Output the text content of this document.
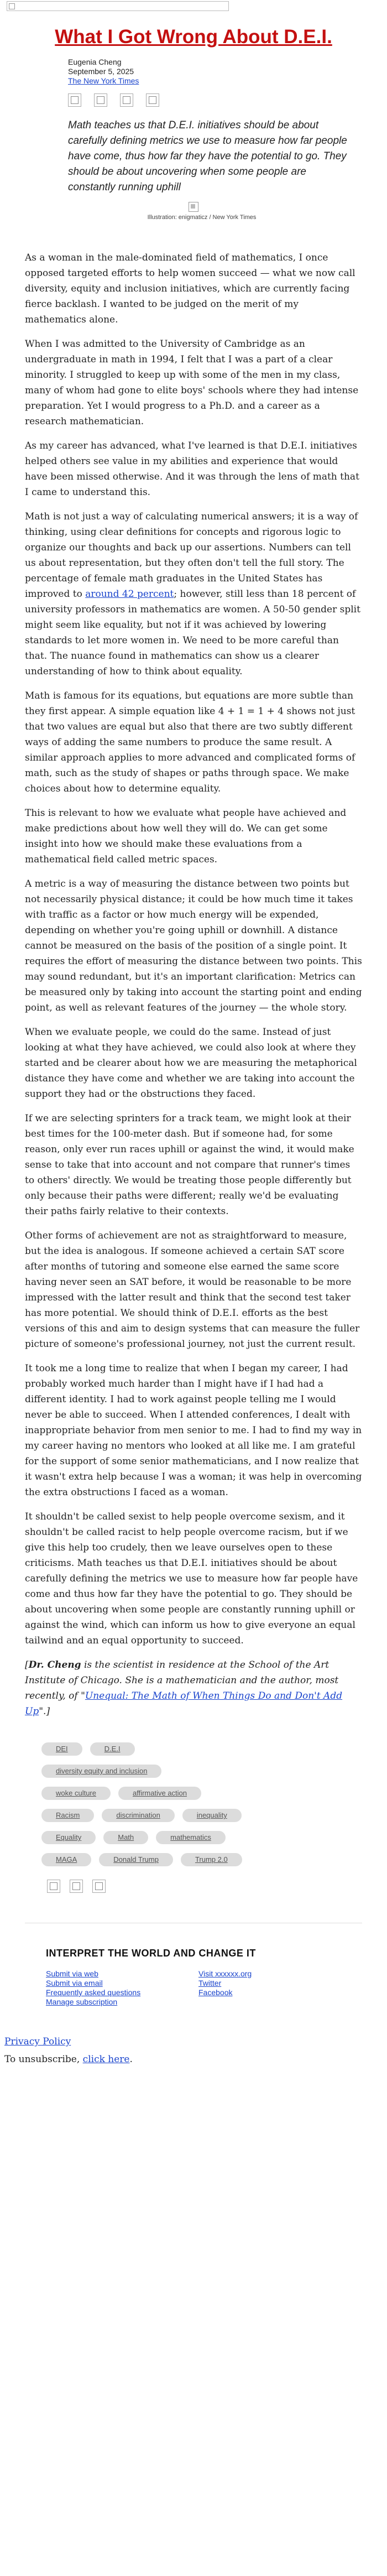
What I Got Wrong About D.E.I.
Eugenia Cheng
September 5, 2025
The New York Times

Math teaches us that D.E.I. initiatives should be about carefully defining metrics we use to measure how far people have come, thus how far they have the potential to go. They should be about uncovering when some people are constantly running uphill
Illustration: enigmaticz / New York Times

As a woman in the male-dominated field of mathematics, I once opposed targeted efforts to help women succeed — what we now call diversity, equity and inclusion initiatives, which are currently facing fierce backlash. I wanted to be judged on the merit of my mathematics alone.

When I was admitted to the University of Cambridge as an undergraduate in math in 1994, I felt that I was a part of a clear minority. I struggled to keep up with some of the men in my class, many of whom had gone to elite boys' schools where they had intense preparation. Yet I would progress to a Ph.D. and a career as a research mathematician.

As my career has advanced, what I've learned is that D.E.I. initiatives helped others see value in my abilities and experience that would have been missed otherwise. And it was through the lens of math that I came to understand this.

Math is not just a way of calculating numerical answers; it is a way of thinking, using clear definitions for concepts and rigorous logic to organize our thoughts and back up our assertions. Numbers can tell us about representation, but they often don't tell the full story. The percentage of female math graduates in the United States has improved to around 42 percent; however, still less than 18 percent of university professors in mathematics are women. A 50-50 gender split might seem like equality, but not if it was achieved by lowering standards to let more women in. We need to be more careful than that. The nuance found in mathematics can show us a clearer understanding of how to think about equality.

Math is famous for its equations, but equations are more subtle than they first appear. A simple equation like 4 + 1 = 1 + 4 shows not just that two values are equal but also that there are two subtly different ways of adding the same numbers to produce the same result. A similar approach applies to more advanced and complicated forms of math, such as the study of shapes or paths through space. We make choices about how to determine equality.

This is relevant to how we evaluate what people have achieved and make predictions about how well they will do. We can get some insight into how we should make these evaluations from a mathematical field called metric spaces.

A metric is a way of measuring the distance between two points but not necessarily physical distance; it could be how much time it takes with traffic as a factor or how much energy will be expended, depending on whether you're going uphill or downhill. A distance cannot be measured on the basis of the position of a single point. It requires the effort of measuring the distance between two points. This may sound redundant, but it's an important clarification: Metrics can be measured only by taking into account the starting point and ending point, as well as relevant features of the journey — the whole story.

When we evaluate people, we could do the same. Instead of just looking at what they have achieved, we could also look at where they started and be clearer about how we are measuring the metaphorical distance they have come and whether we are taking into account the support they had or the obstructions they faced.

If we are selecting sprinters for a track team, we might look at their best times for the 100-meter dash. But if someone had, for some reason, only ever run races uphill or against the wind, it would make sense to take that into account and not compare that runner's times to others' directly. We would be treating those people differently but only because their paths were different; really we'd be evaluating their paths fairly relative to their contexts.

Other forms of achievement are not as straightforward to measure, but the idea is analogous. If someone achieved a certain SAT score after months of tutoring and someone else earned the same score having never seen an SAT before, it would be reasonable to be more impressed with the latter result and think that the second test taker has more potential. We should think of D.E.I. efforts as the best versions of this and aim to design systems that can measure the fuller picture of someone's professional journey, not just the current result.

It took me a long time to realize that when I began my career, I had probably worked much harder than I might have if I had had a different identity. I had to work against people telling me I would never be able to succeed. When I attended conferences, I dealt with inappropriate behavior from men senior to me. I had to find my way in my career having no mentors who looked at all like me. I am grateful for the support of some senior mathematicians, and I now realize that it wasn't extra help because I was a woman; it was help in overcoming the extra obstructions I faced as a woman.

It shouldn't be called sexist to help people overcome sexism, and it shouldn't be called racist to help people overcome racism, but if we give this help too crudely, then we leave ourselves open to these criticisms. Math teaches us that D.E.I. initiatives should be about carefully defining the metrics we use to measure how far people have come and thus how far they have the potential to go. They should be about uncovering when some people are constantly running uphill or against the wind, which can inform us how to give everyone an equal tailwind and an equal opportunity to succeed.

[Dr. Cheng is the scientist in residence at the School of the Art Institute of Chicago. She is a mathematician and the author, most recently, of "Unequal: The Math of When Things Do and Don't Add Up".]

DEI	D.E.I
diversity equity and inclusion
woke culture	affirmative action
Racism	discrimination	inequality
Equality	Math	mathematics
MAGA	Donald Trump	Trump 2.0

INTERPRET THE WORLD AND CHANGE IT
Submit via web
Submit via email
Frequently asked questions
Manage subscription
Visit xxxxxx.org
Twitter
Facebook
Privacy Policy
To unsubscribe, click here.
